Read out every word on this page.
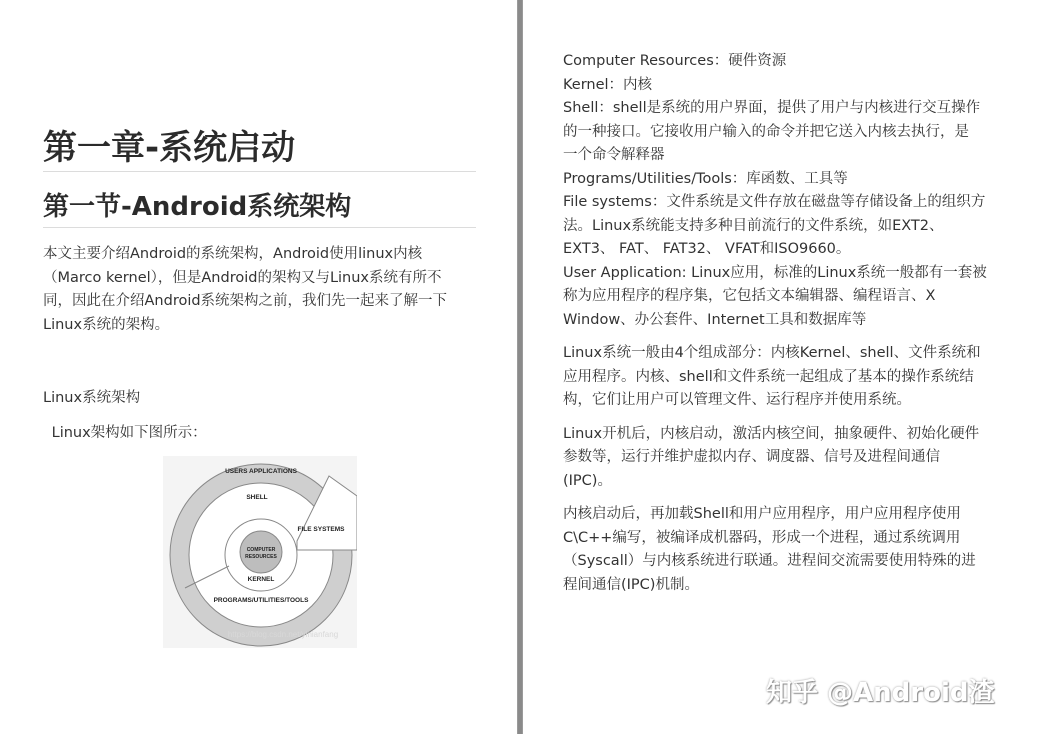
第一章-系统启动
第一节-Android系统架构
本文主要介绍Android的系统架构，Android使用linux内核
（Marco kernel），但是Android的架构又与Linux系统有所不
同，因此在介绍Android系统架构之前，我们先一起来了解一下
Linux系统的架构。
Linux系统架构
Linux架构如下图所示：
USERS APPLICATIONS
SHELL
FILE SYSTEMS
COMPUTER
RESOURCES
KERNEL
PROGRAMS/UTILITIES/TOOLS
https://blog.csdn.net/yinianfang
Computer Resources：硬件资源
Kernel：内核
Shell：shell是系统的用户界面，提供了用户与内核进行交互操作
的一种接口。它接收用户输入的命令并把它送入内核去执行，是
一个命令解释器
Programs/Utilities/Tools：库函数、工具等
File systems：文件系统是文件存放在磁盘等存储设备上的组织方
法。Linux系统能支持多种目前流行的文件系统，如EXT2、
EXT3、 FAT、 FAT32、 VFAT和ISO9660。
User Application: Linux应用，标准的Linux系统一般都有一套被
称为应用程序的程序集，它包括文本编辑器、编程语言、X
Window、办公套件、Internet工具和数据库等
Linux系统一般由4个组成部分：内核Kernel、shell、文件系统和
应用程序。内核、shell和文件系统一起组成了基本的操作系统结
构，它们让用户可以管理文件、运行程序并使用系统。
Linux开机后，内核启动，激活内核空间，抽象硬件、初始化硬件
参数等，运行并维护虚拟内存、调度器、信号及进程间通信
(IPC)。
内核启动后，再加载Shell和用户应用程序，用户应用程序使用
C\C++编写，被编译成机器码，形成一个进程，通过系统调用
（Syscall）与内核系统进行联通。进程间交流需要使用特殊的进
程间通信(IPC)机制。
知乎 @Android渣
